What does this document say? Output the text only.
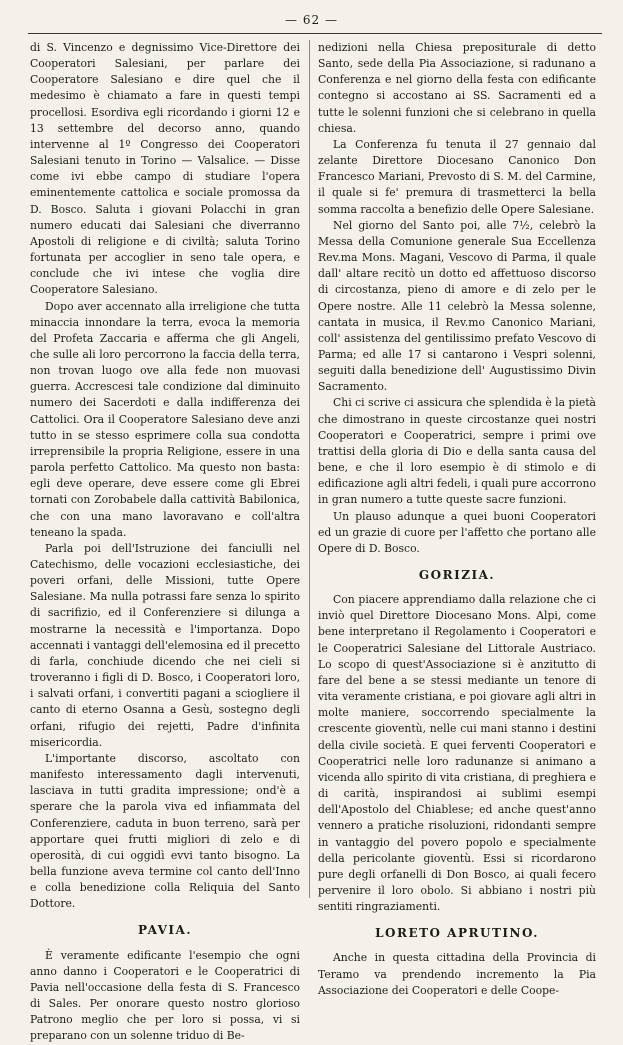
— 62 —

di S. Vincenzo e degnissimo Vice-Direttore dei Cooperatori Salesiani, per parlare dei Cooperatore Salesiano e dire quel che il medesimo è chiamato a fare in questi tempi procellosi. Esordiva egli ricordando i giorni 12 e 13 settembre del decorso anno, quando intervenne al 1º Congresso dei Cooperatori Salesiani tenuto in Torino — Valsalice. — Disse come ivi ebbe campo di studiare l'opera eminentemente cattolica e sociale promossa da D. Bosco. Saluta i giovani Polacchi in gran numero educati dai Salesiani che diverranno Apostoli di religione e di civiltà; saluta Torino fortunata per accoglier in seno tale opera, e conclude che ivi intese che voglia dire Cooperatore Salesiano.

Dopo aver accennato alla irreligione che tutta minaccia innondare la terra, evoca la memoria del Profeta Zaccaria e afferma che gli Angeli, che sulle ali loro percorrono la faccia della terra, non trovan luogo ove alla fede non muovasi guerra. Accrescesi tale condizione dal diminuito numero dei Sacerdoti e dalla indifferenza dei Cattolici. Ora il Cooperatore Salesiano deve anzi tutto in se stesso esprimere colla sua condotta irreprensibile la propria Religione, essere in una parola perfetto Cattolico. Ma questo non basta: egli deve operare, deve essere come gli Ebrei tornati con Zorobabele dalla cattività Babilonica, che con una mano lavoravano e coll'altra teneano la spada.

Parla poi dell'Istruzione dei fanciulli nel Catechismo, delle vocazioni ecclesiastiche, dei poveri orfani, delle Missioni, tutte Opere Salesiane. Ma nulla potrassi fare senza lo spirito di sacrifizio, ed il Conferenziere si dilunga a mostrarne la necessità e l'importanza. Dopo accennati i vantaggi dell'elemosina ed il precetto di farla, conchiude dicendo che nei cieli si troveranno i figli di D. Bosco, i Cooperatori loro, i salvati orfani, i convertiti pagani a sciogliere il canto di eterno Osanna a Gesù, sostegno degli orfani, rifugio dei rejetti, Padre d'infinita misericordia.

L'importante discorso, ascoltato con manifesto interessamento dagli intervenuti, lasciava in tutti gradita impressione; ond'è a sperare che la parola viva ed infiammata del Conferenziere, caduta in buon terreno, sarà per apportare quei frutti migliori di zelo e di operosità, di cui oggidì evvi tanto bisogno. La bella funzione aveva termine col canto dell'Inno e colla benedizione colla Reliquia del Santo Dottore.

PAVIA.

È veramente edificante l'esempio che ogni anno danno i Cooperatori e le Cooperatrici di Pavia nell'occasione della festa di S. Francesco di Sales. Per onorare questo nostro glorioso Patrono meglio che per loro si possa, vi si preparano con un solenne triduo di Be-

nedizioni nella Chiesa prepositurale di detto Santo, sede della Pia Associazione, si radunano a Conferenza e nel giorno della festa con edificante contegno si accostano ai SS. Sacramenti ed a tutte le solenni funzioni che si celebrano in quella chiesa.

La Conferenza fu tenuta il 27 gennaio dal zelante Direttore Diocesano Canonico Don Francesco Mariani, Prevosto di S. M. del Carmine, il quale si fe' premura di trasmetterci la bella somma raccolta a benefizio delle Opere Salesiane.

Nel giorno del Santo poi, alle 7½, celebrò la Messa della Comunione generale Sua Eccellenza Rev.ma Mons. Magani, Vescovo di Parma, il quale dall' altare recitò un dotto ed affettuoso discorso di circostanza, pieno di amore e di zelo per le Opere nostre. Alle 11 celebrò la Messa solenne, cantata in musica, il Rev.mo Canonico Mariani, coll' assistenza del gentilissimo prefato Vescovo di Parma; ed alle 17 si cantarono i Vespri solenni, seguiti dalla benedizione dell' Augustissimo Divin Sacramento.

Chi ci scrive ci assicura che splendida è la pietà che dimostrano in queste circostanze quei nostri Cooperatori e Cooperatrici, sempre i primi ove trattisi della gloria di Dio e della santa causa del bene, e che il loro esempio è di stimolo e di edificazione agli altri fedeli, i quali pure accorrono in gran numero a tutte queste sacre funzioni.

Un plauso adunque a quei buoni Cooperatori ed un grazie di cuore per l'affetto che portano alle Opere di D. Bosco.

GORIZIA.

Con piacere apprendiamo dalla relazione che ci inviò quel Direttore Diocesano Mons. Alpi, come bene interpretano il Regolamento i Cooperatori e le Cooperatrici Salesiane del Littorale Austriaco. Lo scopo di quest'Associazione si è anzitutto di fare del bene a se stessi mediante un tenore di vita veramente cristiana, e poi giovare agli altri in molte maniere, soccorrendo specialmente la crescente gioventù, nelle cui mani stanno i destini della civile società. E quei ferventi Cooperatori e Cooperatrici nelle loro radunanze si animano a vicenda allo spirito di vita cristiana, di preghiera e di carità, inspirandosi ai sublimi esempi dell'Apostolo del Chiablese; ed anche quest'anno vennero a pratiche risoluzioni, ridondanti sempre in vantaggio del povero popolo e specialmente della pericolante gioventù. Essi si ricordarono pure degli orfanelli di Don Bosco, ai quali fecero pervenire il loro obolo. Si abbiano i nostri più sentiti ringraziamenti.

LORETO APRUTINO.

Anche in questa cittadina della Provincia di Teramo va prendendo incremento la Pia Associazione dei Cooperatori e delle Coope-
